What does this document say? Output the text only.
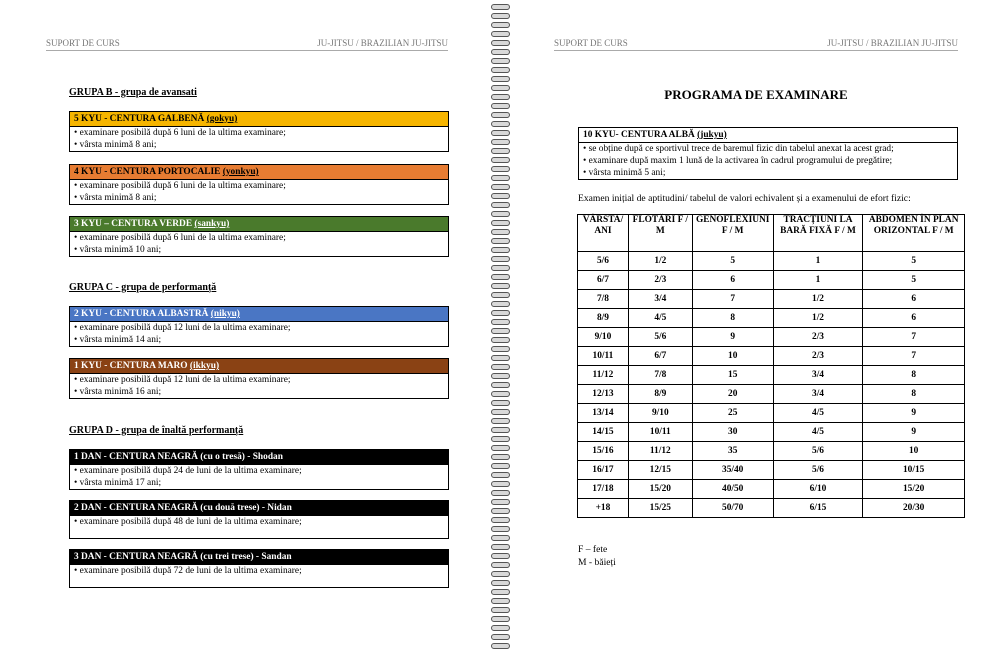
SUPORT DE CURS	JU-JITSU / BRAZILIAN JU-JITSU
GRUPA B - grupa de avansati
5 KYU - CENTURA GALBENĂ (gokyu)
• examinare posibilă după 6 luni de la ultima examinare;
• vârsta minimă 8 ani;
4 KYU - CENTURA PORTOCALIE (yonkyu)
• examinare posibilă după 6 luni de la ultima examinare;
• vârsta minimă 8 ani;
3 KYU – CENTURA VERDE (sankyu)
• examinare posibilă după 6 luni de la ultima examinare;
• vârsta minimă 10 ani;
GRUPA C - grupa de performanță
2 KYU - CENTURA ALBASTRĂ (nikyu)
• examinare posibilă după 12 luni de la ultima examinare;
• vârsta minimă 14 ani;
1 KYU - CENTURA MARO (ikkyu)
• examinare posibilă după 12 luni de la ultima examinare;
• vârsta minimă 16 ani;
GRUPA D - grupa de înaltă performanță
1 DAN - CENTURA NEAGRĂ (cu o tresă) - Shodan
• examinare posibilă după 24 de luni de la ultima examinare;
• vârsta minimă 17 ani;
2 DAN - CENTURA NEAGRĂ (cu două trese) - Nidan
• examinare posibilă după 48 de luni de la ultima examinare;
3 DAN - CENTURA NEAGRĂ (cu trei trese) - Sandan
• examinare posibilă după 72 de luni de la ultima examinare;
SUPORT DE CURS	JU-JITSU / BRAZILIAN JU-JITSU
PROGRAMA DE EXAMINARE
10 KYU- CENTURA ALBĂ (jukyu)
• se obține după ce sportivul trece de baremul fizic din tabelul anexat la acest grad;
• examinare după maxim 1 lună de la activarea în cadrul programului de pregătire;
• vârsta minimă 5 ani;
Examen inițial de aptitudini/ tabelul de valori echivalent și a examenului de efort fizic:
VÂRSTA/ ANI	FLOTĂRI F / M	GENOFLEXIUNI F / M	TRACȚIUNI LA BARĂ FIXĂ F / M	ABDOMEN ÎN PLAN ORIZONTAL F / M
5/6	1/2	5	1	5
6/7	2/3	6	1	5
7/8	3/4	7	1/2	6
8/9	4/5	8	1/2	6
9/10	5/6	9	2/3	7
10/11	6/7	10	2/3	7
11/12	7/8	15	3/4	8
12/13	8/9	20	3/4	8
13/14	9/10	25	4/5	9
14/15	10/11	30	4/5	9
15/16	11/12	35	5/6	10
16/17	12/15	35/40	5/6	10/15
17/18	15/20	40/50	6/10	15/20
+18	15/25	50/70	6/15	20/30
F – fete
M - băieți
